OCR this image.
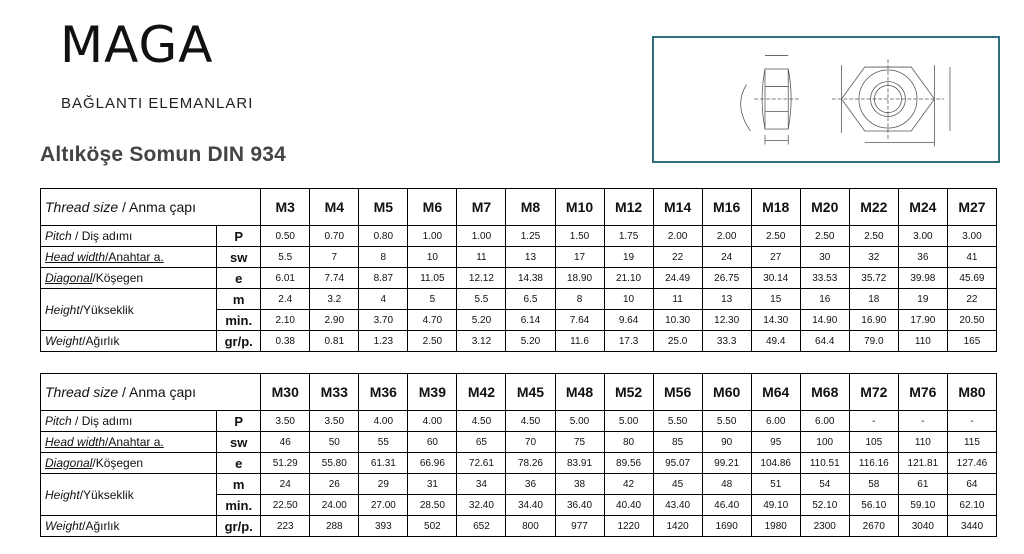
MAGA
BAĞLANTI ELEMANLARI
Altıköşe Somun DIN 934
Thread size / Anma çapı		M3	M4	M5	M6	M7	M8	M10	M12	M14	M16	M18	M20	M22	M24	M27
Pitch / Diş adımı	P	0.50	0.70	0.80	1.00	1.00	1.25	1.50	1.75	2.00	2.00	2.50	2.50	2.50	3.00	3.00
Head width/Anahtar a.	sw	5.5	7	8	10	11	13	17	19	22	24	27	30	32	36	41
Diagonal/Köşegen	e	6.01	7.74	8.87	11.05	12.12	14.38	18.90	21.10	24.49	26.75	30.14	33.53	35.72	39.98	45.69
Height/Yükseklik	m	2.4	3.2	4	5	5.5	6.5	8	10	11	13	15	16	18	19	22
	min.	2.10	2.90	3.70	4.70	5.20	6.14	7.64	9.64	10.30	12.30	14.30	14.90	16.90	17.90	20.50
Weight/Ağırlık	gr/p.	0.38	0.81	1.23	2.50	3.12	5.20	11.6	17.3	25.0	33.3	49.4	64.4	79.0	110	165
Thread size / Anma çapı		M30	M33	M36	M39	M42	M45	M48	M52	M56	M60	M64	M68	M72	M76	M80
Pitch / Diş adımı	P	3.50	3.50	4.00	4.00	4.50	4.50	5.00	5.00	5.50	5.50	6.00	6.00	-	-	-
Head width/Anahtar a.	sw	46	50	55	60	65	70	75	80	85	90	95	100	105	110	115
Diagonal/Köşegen	e	51.29	55.80	61.31	66.96	72.61	78.26	83.91	89.56	95.07	99.21	104.86	110.51	116.16	121.81	127.46
Height/Yükseklik	m	24	26	29	31	34	36	38	42	45	48	51	54	58	61	64
	min.	22.50	24.00	27.00	28.50	32.40	34.40	36.40	40.40	43.40	46.40	49.10	52.10	56.10	59.10	62.10
Weight/Ağırlık	gr/p.	223	288	393	502	652	800	977	1220	1420	1690	1980	2300	2670	3040	3440
